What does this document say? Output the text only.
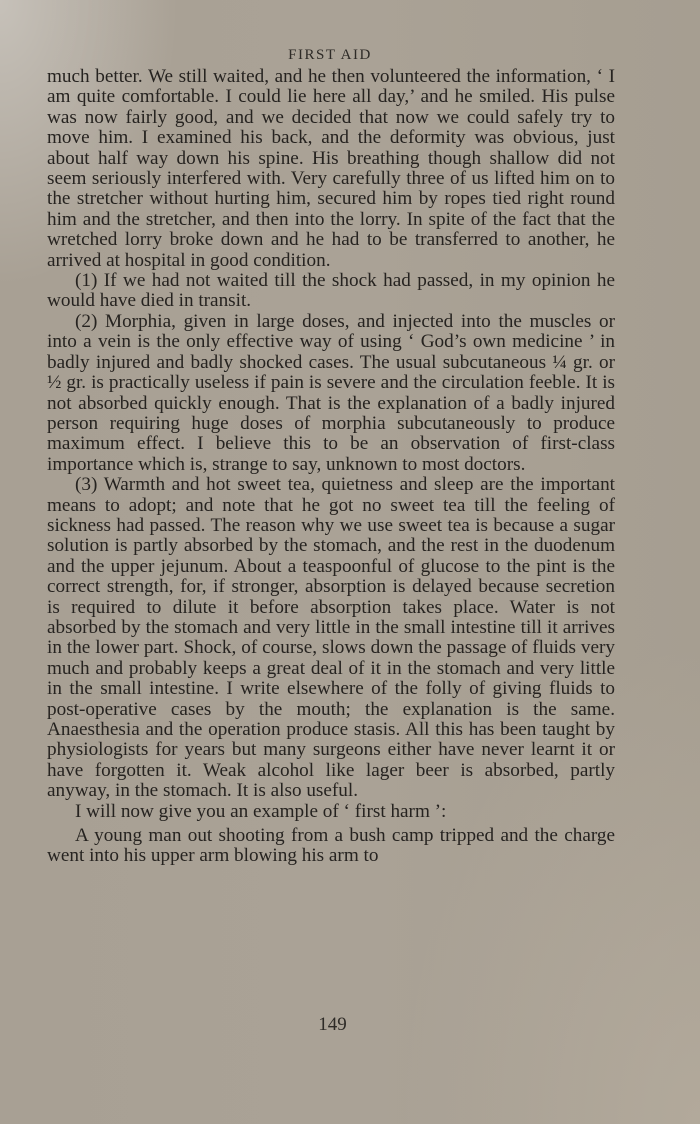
FIRST AID

much better. We still waited, and he then volunteered the information, ‘ I am quite comfortable. I could lie here all day,’ and he smiled. His pulse was now fairly good, and we decided that now we could safely try to move him. I examined his back, and the deformity was obvious, just about half way down his spine. His breathing though shallow did not seem seriously interfered with. Very carefully three of us lifted him on to the stretcher without hurting him, secured him by ropes tied right round him and the stretcher, and then into the lorry. In spite of the fact that the wretched lorry broke down and he had to be transferred to another, he arrived at hospital in good condition.

(1) If we had not waited till the shock had passed, in my opinion he would have died in transit.

(2) Morphia, given in large doses, and injected into the muscles or into a vein is the only effective way of using ‘ God’s own medicine ’ in badly injured and badly shocked cases. The usual subcutaneous ¼ gr. or ½ gr. is practically useless if pain is severe and the circulation feeble. It is not absorbed quickly enough. That is the explanation of a badly injured person requiring huge doses of morphia subcutaneously to produce maximum effect. I believe this to be an observation of first-class importance which is, strange to say, unknown to most doctors.

(3) Warmth and hot sweet tea, quietness and sleep are the important means to adopt; and note that he got no sweet tea till the feeling of sickness had passed. The reason why we use sweet tea is because a sugar solution is partly absorbed by the stomach, and the rest in the duodenum and the upper jejunum. About a teaspoonful of glucose to the pint is the correct strength, for, if stronger, absorption is delayed because secretion is required to dilute it before absorption takes place. Water is not absorbed by the stomach and very little in the small intestine till it arrives in the lower part. Shock, of course, slows down the passage of fluids very much and probably keeps a great deal of it in the stomach and very little in the small intestine. I write elsewhere of the folly of giving fluids to post-operative cases by the mouth; the explanation is the same. Anaesthesia and the operation produce stasis. All this has been taught by physiologists for years but many surgeons either have never learnt it or have forgotten it. Weak alcohol like lager beer is absorbed, partly anyway, in the stomach. It is also useful.

I will now give you an example of ‘ first harm ’:

A young man out shooting from a bush camp tripped and the charge went into his upper arm blowing his arm to

149
